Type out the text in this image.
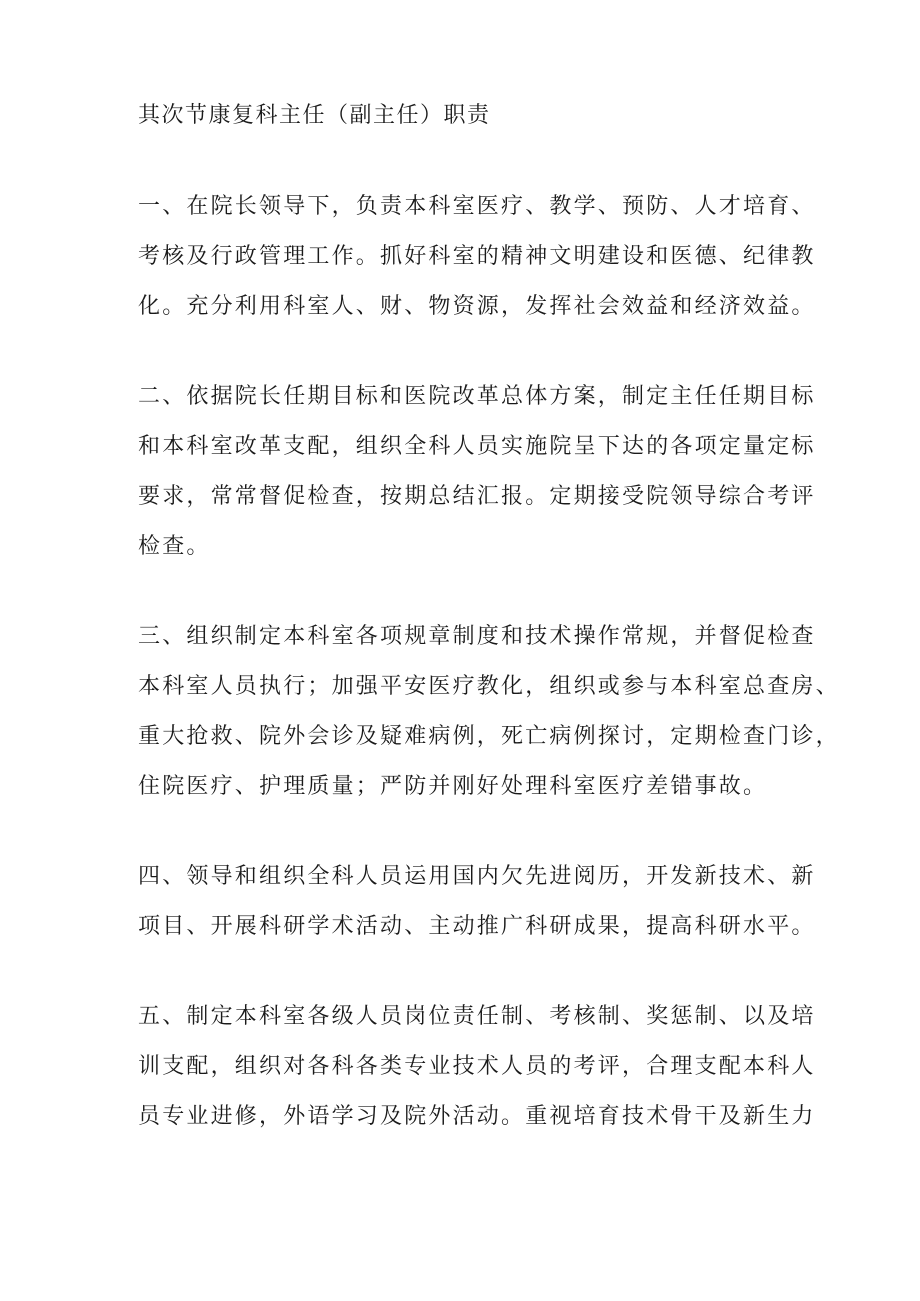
其次节康复科主任（副主任）职责
一、在院长领导下，负责本科室医疗、教学、预防、人才培育、
考核及行政管理工作。抓好科室的精神文明建设和医德、纪律教
化。充分利用科室人、财、物资源，发挥社会效益和经济效益。
二、依据院长任期目标和医院改革总体方案，制定主任任期目标
和本科室改革支配，组织全科人员实施院呈下达的各项定量定标
要求，常常督促检查，按期总结汇报。定期接受院领导综合考评
检查。
三、组织制定本科室各项规章制度和技术操作常规，并督促检查
本科室人员执行；加强平安医疗教化，组织或参与本科室总查房、
重大抢救、院外会诊及疑难病例，死亡病例探讨，定期检查门诊，
住院医疗、护理质量；严防并刚好处理科室医疗差错事故。
四、领导和组织全科人员运用国内欠先进阅历，开发新技术、新
项目、开展科研学术活动、主动推广科研成果，提高科研水平。
五、制定本科室各级人员岗位责任制、考核制、奖惩制、以及培
训支配，组织对各科各类专业技术人员的考评，合理支配本科人
员专业进修，外语学习及院外活动。重视培育技术骨干及新生力
